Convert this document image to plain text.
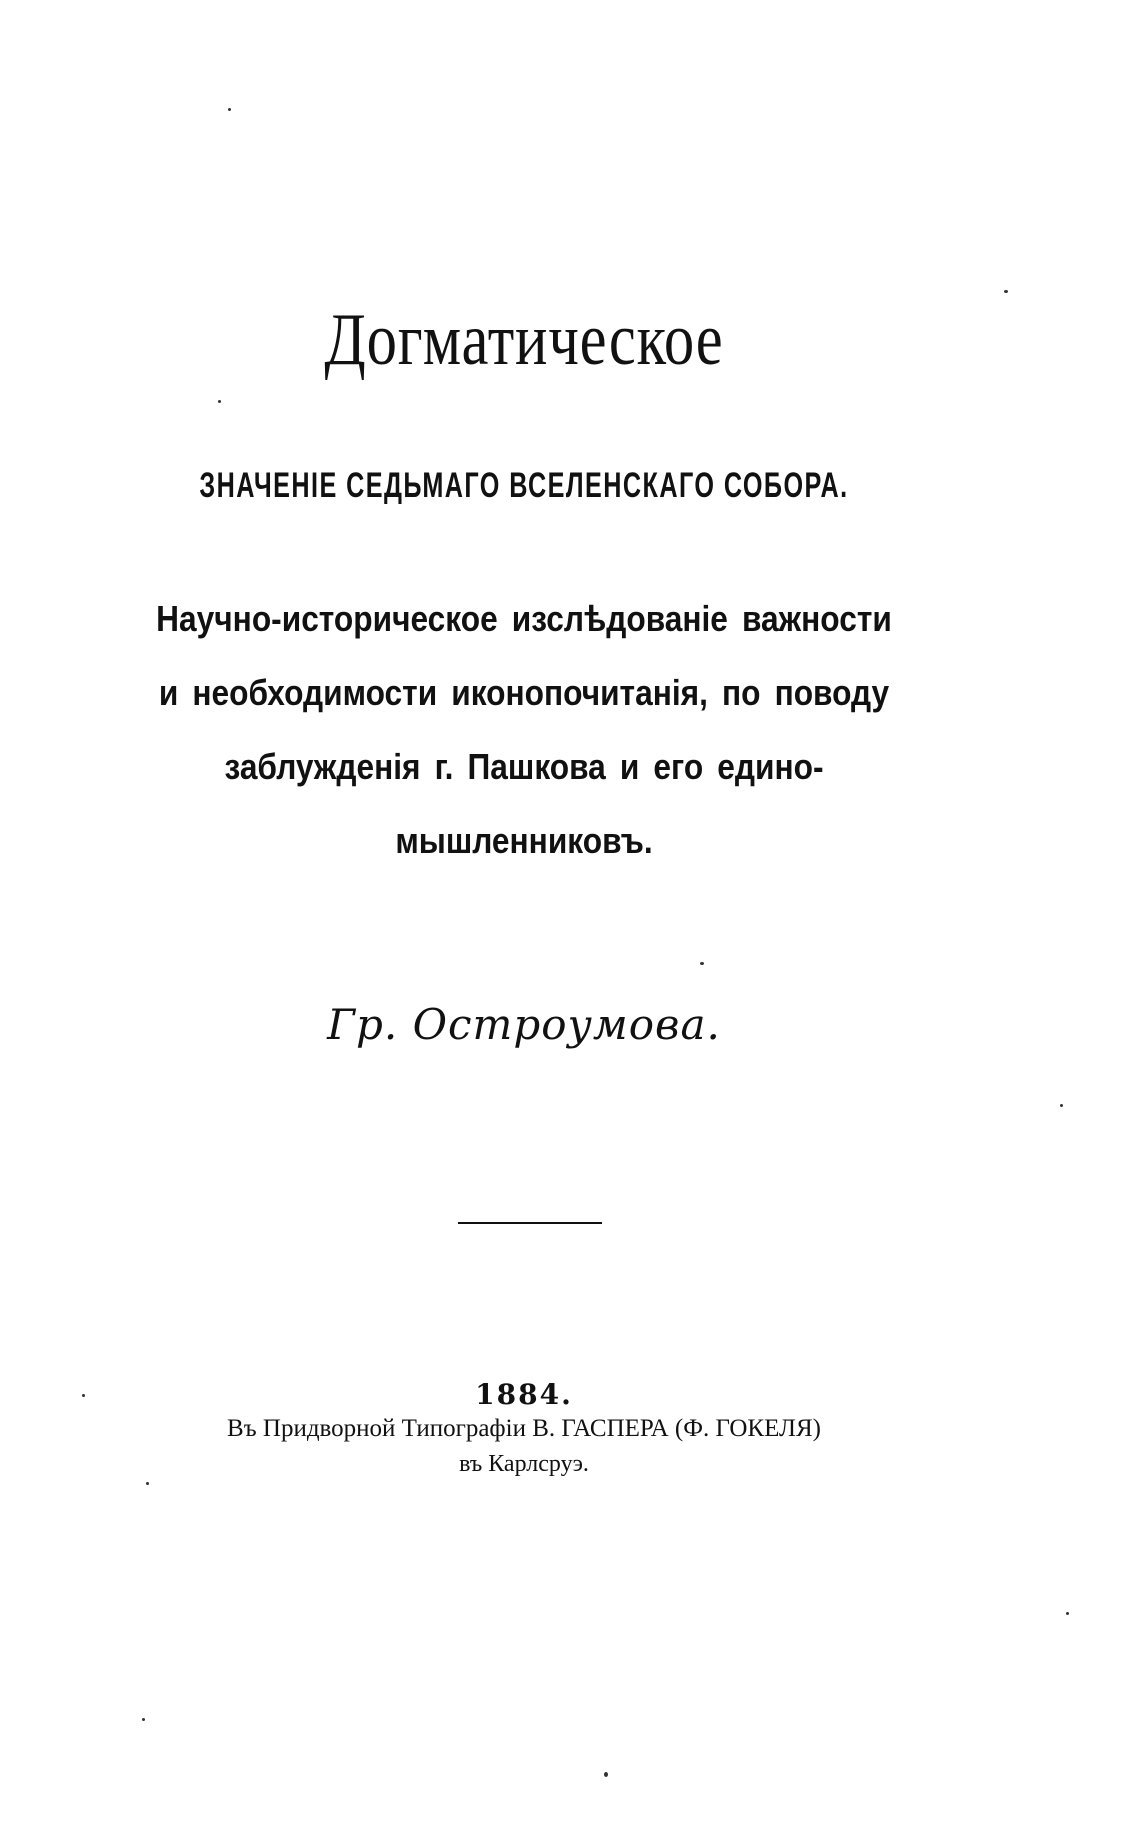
Догматическое
ЗНАЧЕНІЕ СЕДЬМАГО ВСЕЛЕНСКАГО СОБОРА.
Научно-историческое изслѣдованіе важности
и необходимости иконопочитанія, по поводу
заблужденія г. Пашкова и его едино-
мышленниковъ.
Гр. Остроумова.
1884.
Въ Придворной Типографіи В. ГАСПЕРА (Ф. ГОКЕЛЯ)
въ Карлсруэ.
